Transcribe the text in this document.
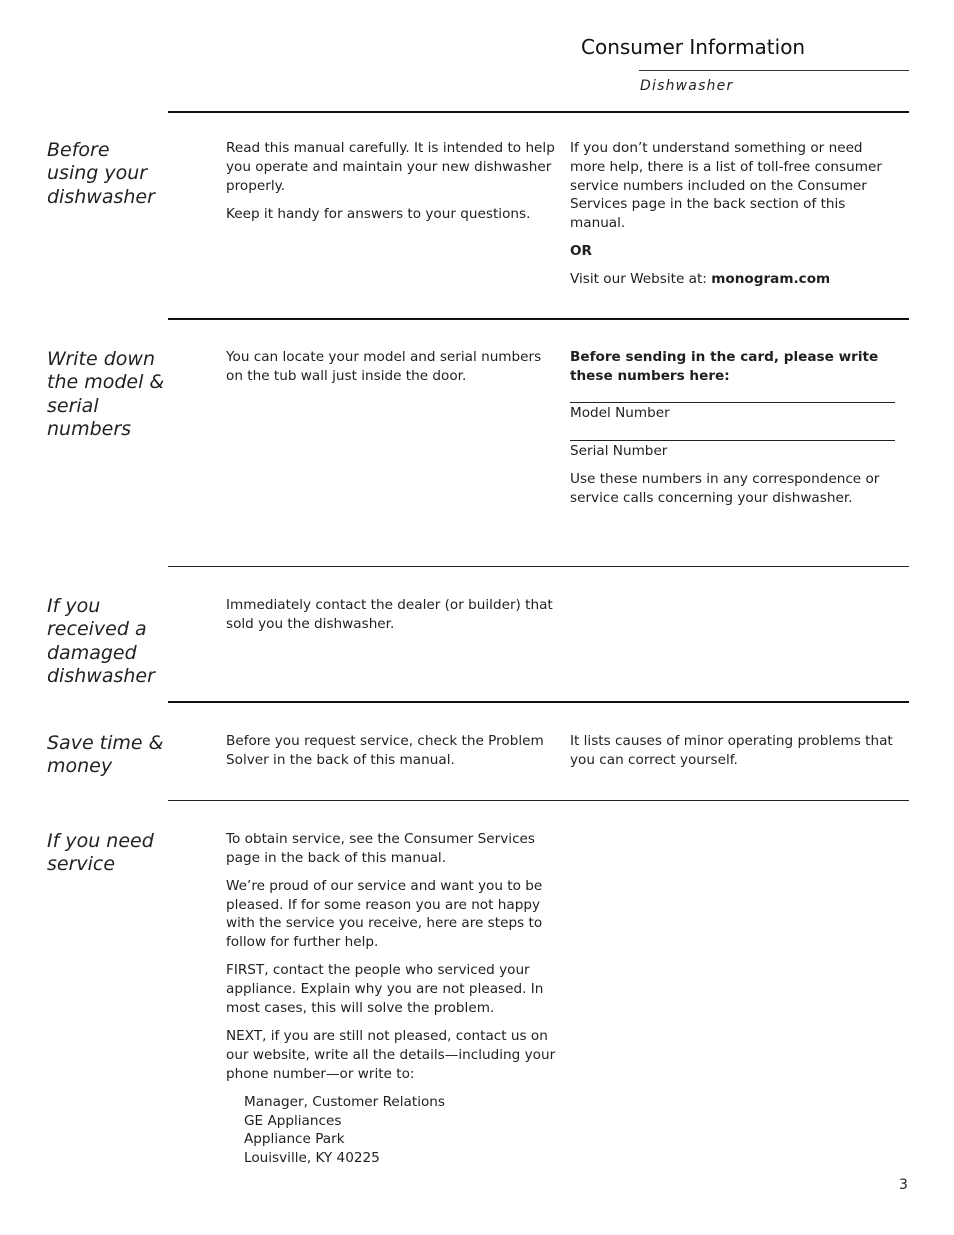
Consumer Information
Dishwasher
Before using your dishwasher

Read this manual carefully. It is intended to help you operate and maintain your new dishwasher properly.

Keep it handy for answers to your questions.

If you don’t understand something or need more help, there is a list of toll-free consumer service numbers included on the Consumer Services page in the back section of this manual.

OR

Visit our Website at: monogram.com

Write down the model & serial numbers

You can locate your model and serial numbers on the tub wall just inside the door.

Before sending in the card, please write these numbers here:

Model Number

Serial Number

Use these numbers in any correspondence or service calls concerning your dishwasher.

If you received a damaged dishwasher

Immediately contact the dealer (or builder) that sold you the dishwasher.

Save time & money

Before you request service, check the Problem Solver in the back of this manual.

It lists causes of minor operating problems that you can correct yourself.

If you need service

To obtain service, see the Consumer Services page in the back of this manual.

We’re proud of our service and want you to be pleased. If for some reason you are not happy with the service you receive, here are steps to follow for further help.

FIRST, contact the people who serviced your appliance. Explain why you are not pleased. In most cases, this will solve the problem.

NEXT, if you are still not pleased, contact us on our website, write all the details—including your phone number—or write to:

Manager, Customer Relations
GE Appliances
Appliance Park
Louisville, KY 40225
3
